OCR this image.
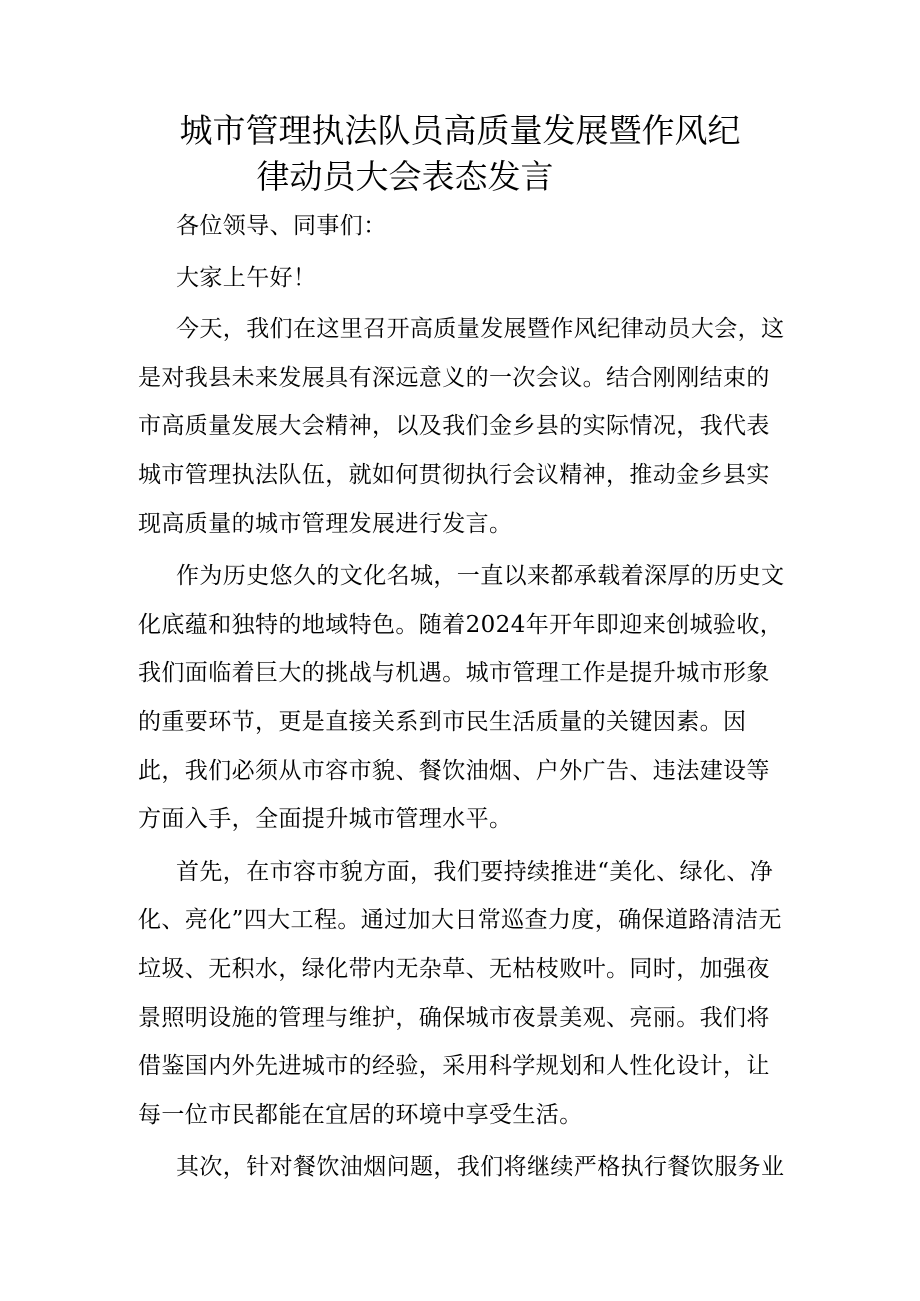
城市管理执法队员高质量发展暨作风纪
律动员大会表态发言

各位领导、同事们：

大家上午好！

今天，我们在这里召开高质量发展暨作风纪律动员大会，这是对我县未来发展具有深远意义的一次会议。结合刚刚结束的市高质量发展大会精神，以及我们金乡县的实际情况，我代表城市管理执法队伍，就如何贯彻执行会议精神，推动金乡县实现高质量的城市管理发展进行发言。

作为历史悠久的文化名城，一直以来都承载着深厚的历史文化底蕴和独特的地域特色。随着2024年开年即迎来创城验收，我们面临着巨大的挑战与机遇。城市管理工作是提升城市形象的重要环节，更是直接关系到市民生活质量的关键因素。因此，我们必须从市容市貌、餐饮油烟、户外广告、违法建设等方面入手，全面提升城市管理水平。

首先，在市容市貌方面，我们要持续推进“美化、绿化、净化、亮化”四大工程。通过加大日常巡查力度，确保道路清洁无垃圾、无积水，绿化带内无杂草、无枯枝败叶。同时，加强夜景照明设施的管理与维护，确保城市夜景美观、亮丽。我们将借鉴国内外先进城市的经验，采用科学规划和人性化设计，让每一位市民都能在宜居的环境中享受生活。

其次，针对餐饮油烟问题，我们将继续严格执行餐饮服务业
